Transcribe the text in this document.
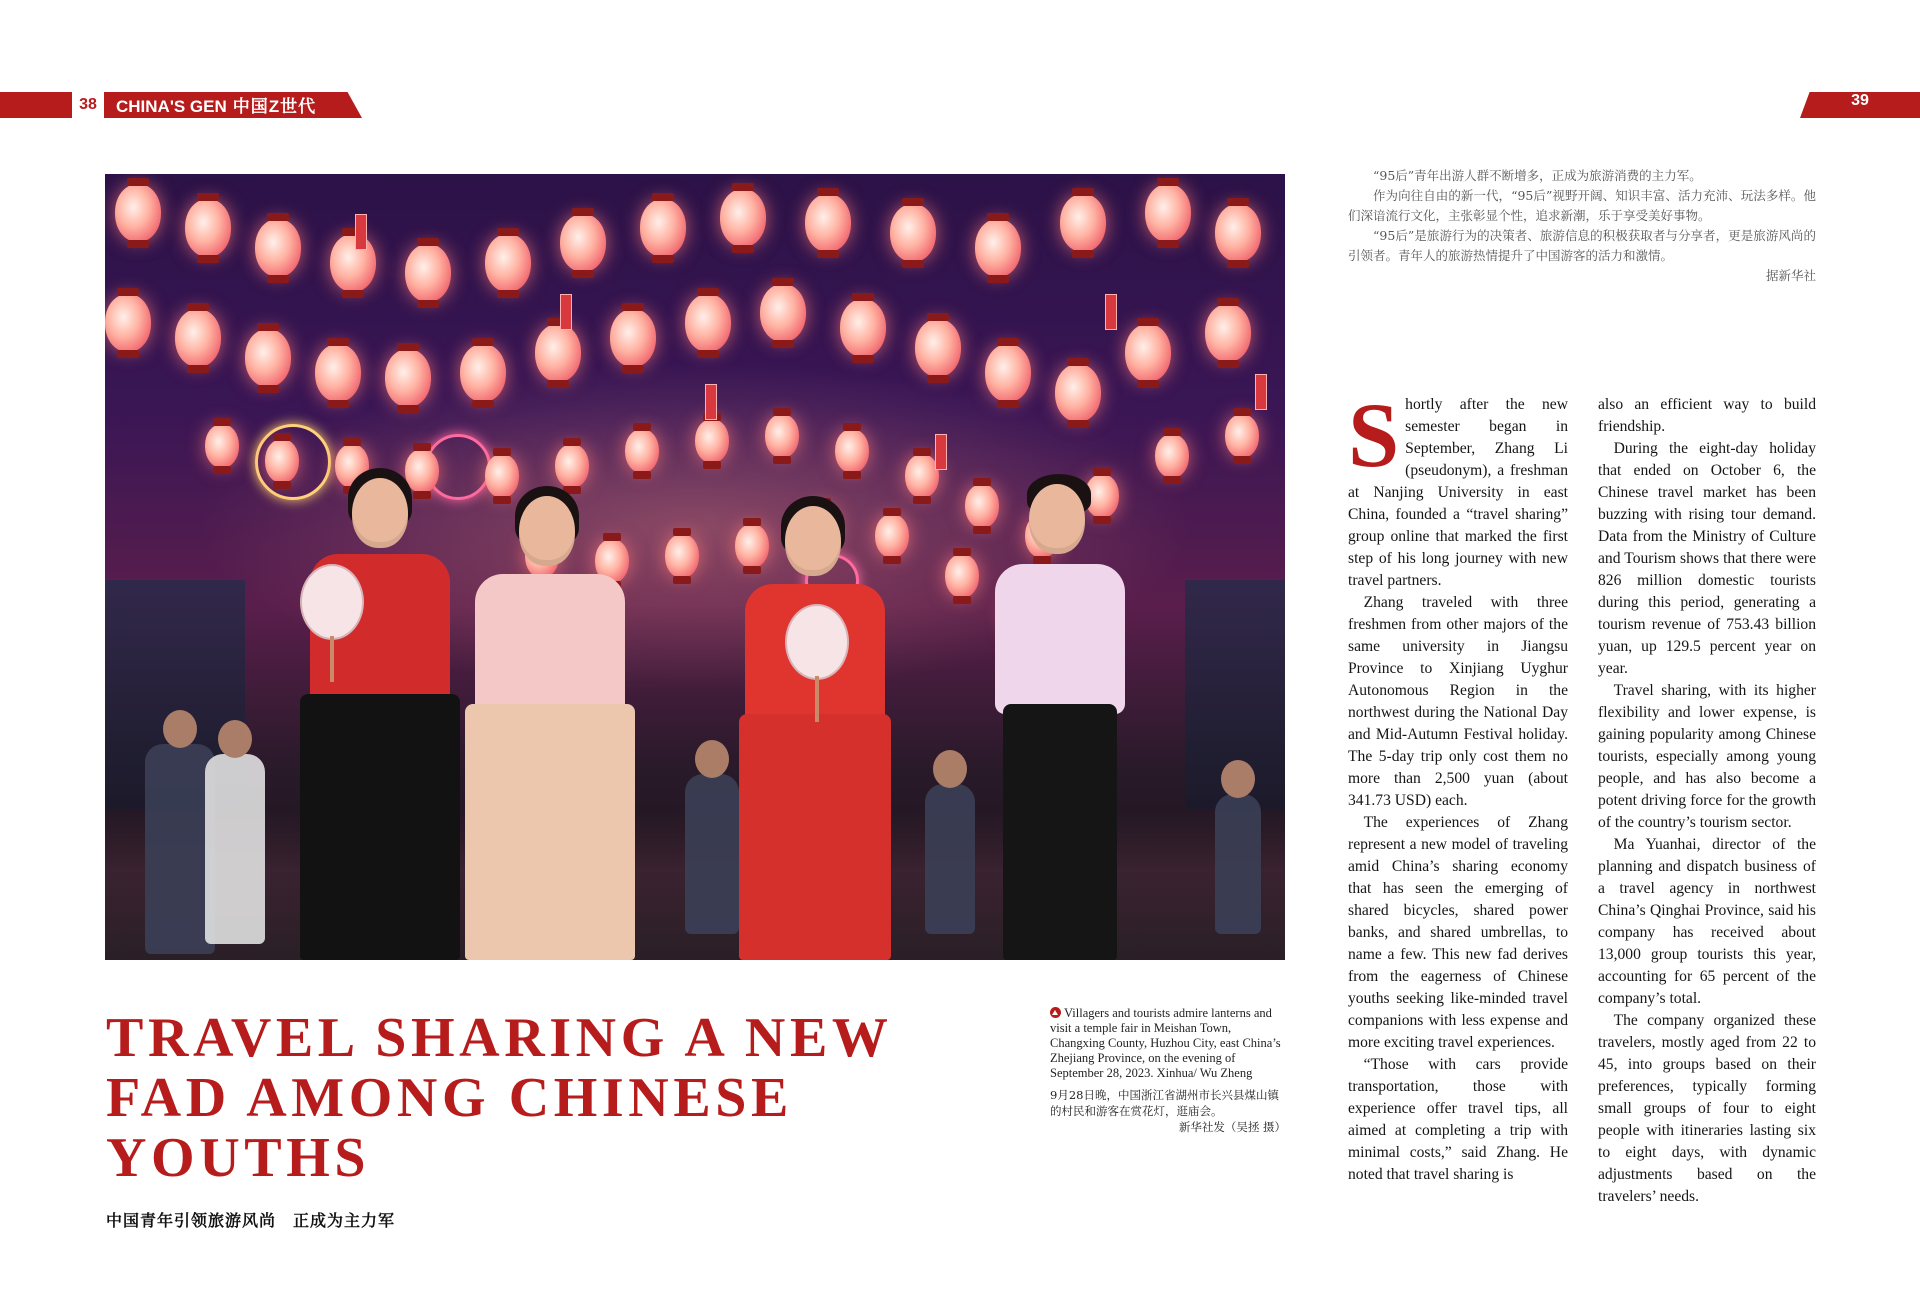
38	CHINA'S GEN 中国Z世代	39
TRAVEL SHARING A NEW FAD AMONG CHINESE YOUTHS

中国青年引领旅游风尚　正成为主力军

Villagers and tourists admire lanterns and visit a temple fair in Meishan Town, Changxing County, Huzhou City, east China’s Zhejiang Province, on the evening of September 28, 2023. Xinhua/ Wu Zheng

9月28日晚，中国浙江省湖州市长兴县煤山镇的村民和游客在赏花灯，逛庙会。

新华社发（吴拯 摄）

“95后”青年出游人群不断增多，正成为旅游消费的主力军。

作为向往自由的新一代，“95后”视野开阔、知识丰富、活力充沛、玩法多样。他们深谙流行文化，主张彰显个性，追求新潮，乐于享受美好事物。

“95后”是旅游行为的决策者、旅游信息的积极获取者与分享者，更是旅游风尚的引领者。青年人的旅游热情提升了中国游客的活力和激情。

据新华社

Shortly after the new semester began in September, Zhang Li (pseudonym), a freshman at Nanjing University in east China, founded a “travel sharing” group online that marked the first step of his long journey with new travel partners.

Zhang traveled with three freshmen from other majors of the same university in Jiangsu Province to Xinjiang Uyghur Autonomous Region in the northwest during the National Day and Mid-Autumn Festival holiday. The 5-day trip only cost them no more than 2,500 yuan (about 341.73 USD) each.

The experiences of Zhang represent a new model of traveling amid China’s sharing economy that has seen the emerging of shared bicycles, shared power banks, and shared umbrellas, to name a few. This new fad derives from the eagerness of Chinese youths seeking like-minded travel companions with less expense and more exciting travel experiences.

“Those with cars provide transportation, those with experience offer travel tips, all aimed at completing a trip with minimal costs,” said Zhang. He noted that travel sharing is

also an efficient way to build friendship.

During the eight-day holiday that ended on October 6, the Chinese travel market has been buzzing with rising tour demand. Data from the Ministry of Culture and Tourism shows that there were 826 million domestic tourists during this period, generating a tourism revenue of 753.43 billion yuan, up 129.5 percent year on year.

Travel sharing, with its higher flexibility and lower expense, is gaining popularity among Chinese tourists, especially among young people, and has also become a potent driving force for the growth of the country’s tourism sector.

Ma Yuanhai, director of the planning and dispatch business of a travel agency in northwest China’s Qinghai Province, said his company has received about 13,000 group tourists this year, accounting for 65 percent of the company’s total.

The company organized these travelers, mostly aged from 22 to 45, into groups based on their preferences, typically forming small groups of four to eight people with itineraries lasting six to eight days, with dynamic adjustments based on the travelers’ needs.
